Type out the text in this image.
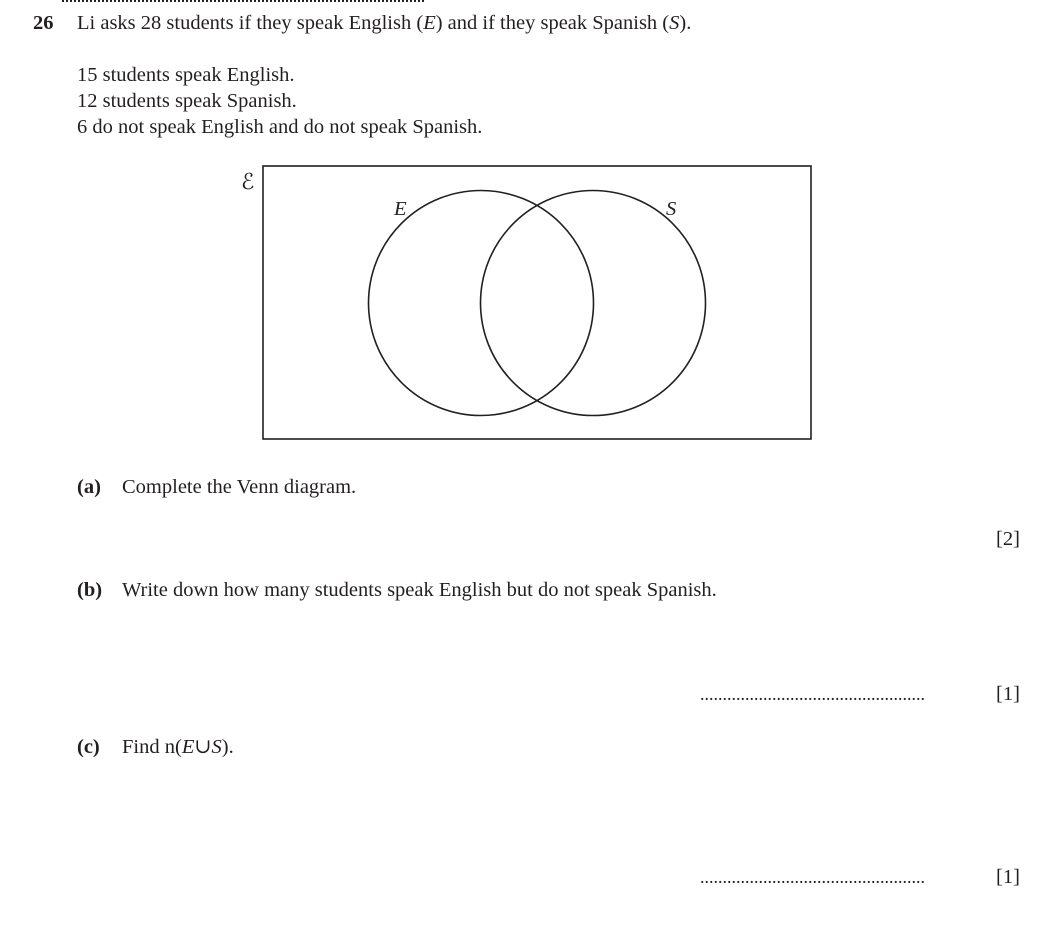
26 Li asks 28 students if they speak English (E) and if they speak Spanish (S).
15 students speak English.
12 students speak Spanish.
6 do not speak English and do not speak Spanish.
ℰ
E	S
(a) Complete the Venn diagram.
[2]
(b) Write down how many students speak English but do not speak Spanish.
..................................................	[1]
(c) Find n(E∪S).
..................................................	[1]
